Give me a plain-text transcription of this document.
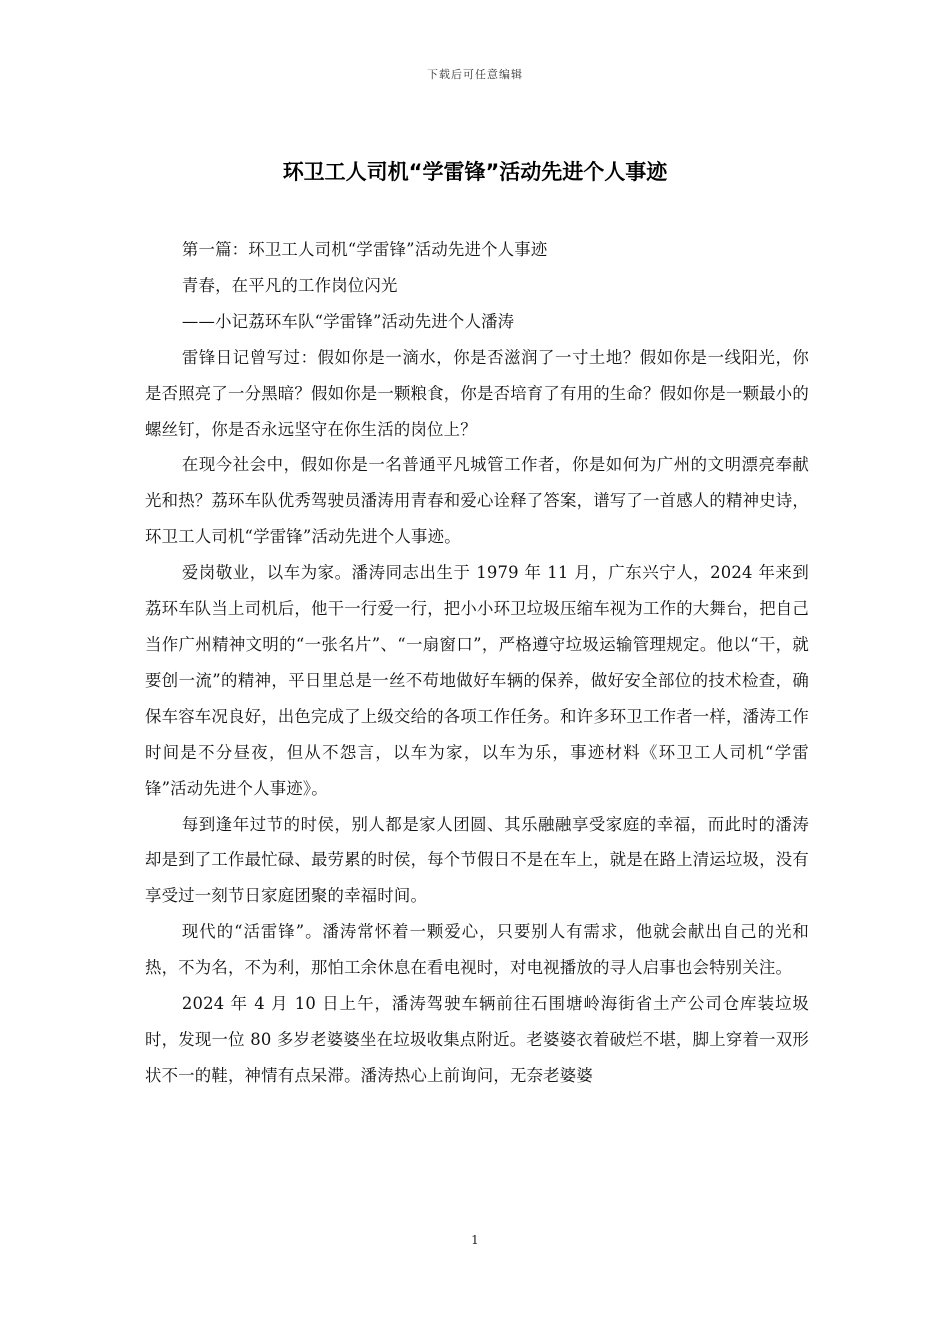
下载后可任意编辑
环卫工人司机“学雷锋”活动先进个人事迹

第一篇：环卫工人司机“学雷锋”活动先进个人事迹

青春，在平凡的工作岗位闪光

——小记荔环车队“学雷锋”活动先进个人潘涛

雷锋日记曾写过：假如你是一滴水，你是否滋润了一寸土地？假如你是一线阳光，你是否照亮了一分黑暗？假如你是一颗粮食，你是否培育了有用的生命？假如你是一颗最小的螺丝钉，你是否永远坚守在你生活的岗位上？

在现今社会中，假如你是一名普通平凡城管工作者，你是如何为广州的文明漂亮奉献光和热？荔环车队优秀驾驶员潘涛用青春和爱心诠释了答案，谱写了一首感人的精神史诗，环卫工人司机“学雷锋”活动先进个人事迹。

爱岗敬业，以车为家。潘涛同志出生于 1979 年 11 月，广东兴宁人，2024 年来到荔环车队当上司机后，他干一行爱一行，把小小环卫垃圾压缩车视为工作的大舞台，把自己当作广州精神文明的“一张名片”、“一扇窗口”，严格遵守垃圾运输管理规定。他以“干，就要创一流”的精神，平日里总是一丝不苟地做好车辆的保养，做好安全部位的技术检查，确保车容车况良好，出色完成了上级交给的各项工作任务。和许多环卫工作者一样，潘涛工作时间是不分昼夜，但从不怨言，以车为家，以车为乐，事迹材料《环卫工人司机“学雷锋”活动先进个人事迹》。

每到逢年过节的时侯，别人都是家人团圆、其乐融融享受家庭的幸福，而此时的潘涛却是到了工作最忙碌、最劳累的时侯，每个节假日不是在车上，就是在路上清运垃圾，没有享受过一刻节日家庭团聚的幸福时间。

现代的“活雷锋”。潘涛常怀着一颗爱心，只要别人有需求，他就会献出自己的光和热，不为名，不为利，那怕工余休息在看电视时，对电视播放的寻人启事也会特别关注。

2024 年 4 月 10 日上午，潘涛驾驶车辆前往石围塘岭海街省土产公司仓库装垃圾时，发现一位 80 多岁老婆婆坐在垃圾收集点附近。老婆婆衣着破烂不堪，脚上穿着一双形状不一的鞋，神情有点呆滞。潘涛热心上前询问，无奈老婆婆

1
